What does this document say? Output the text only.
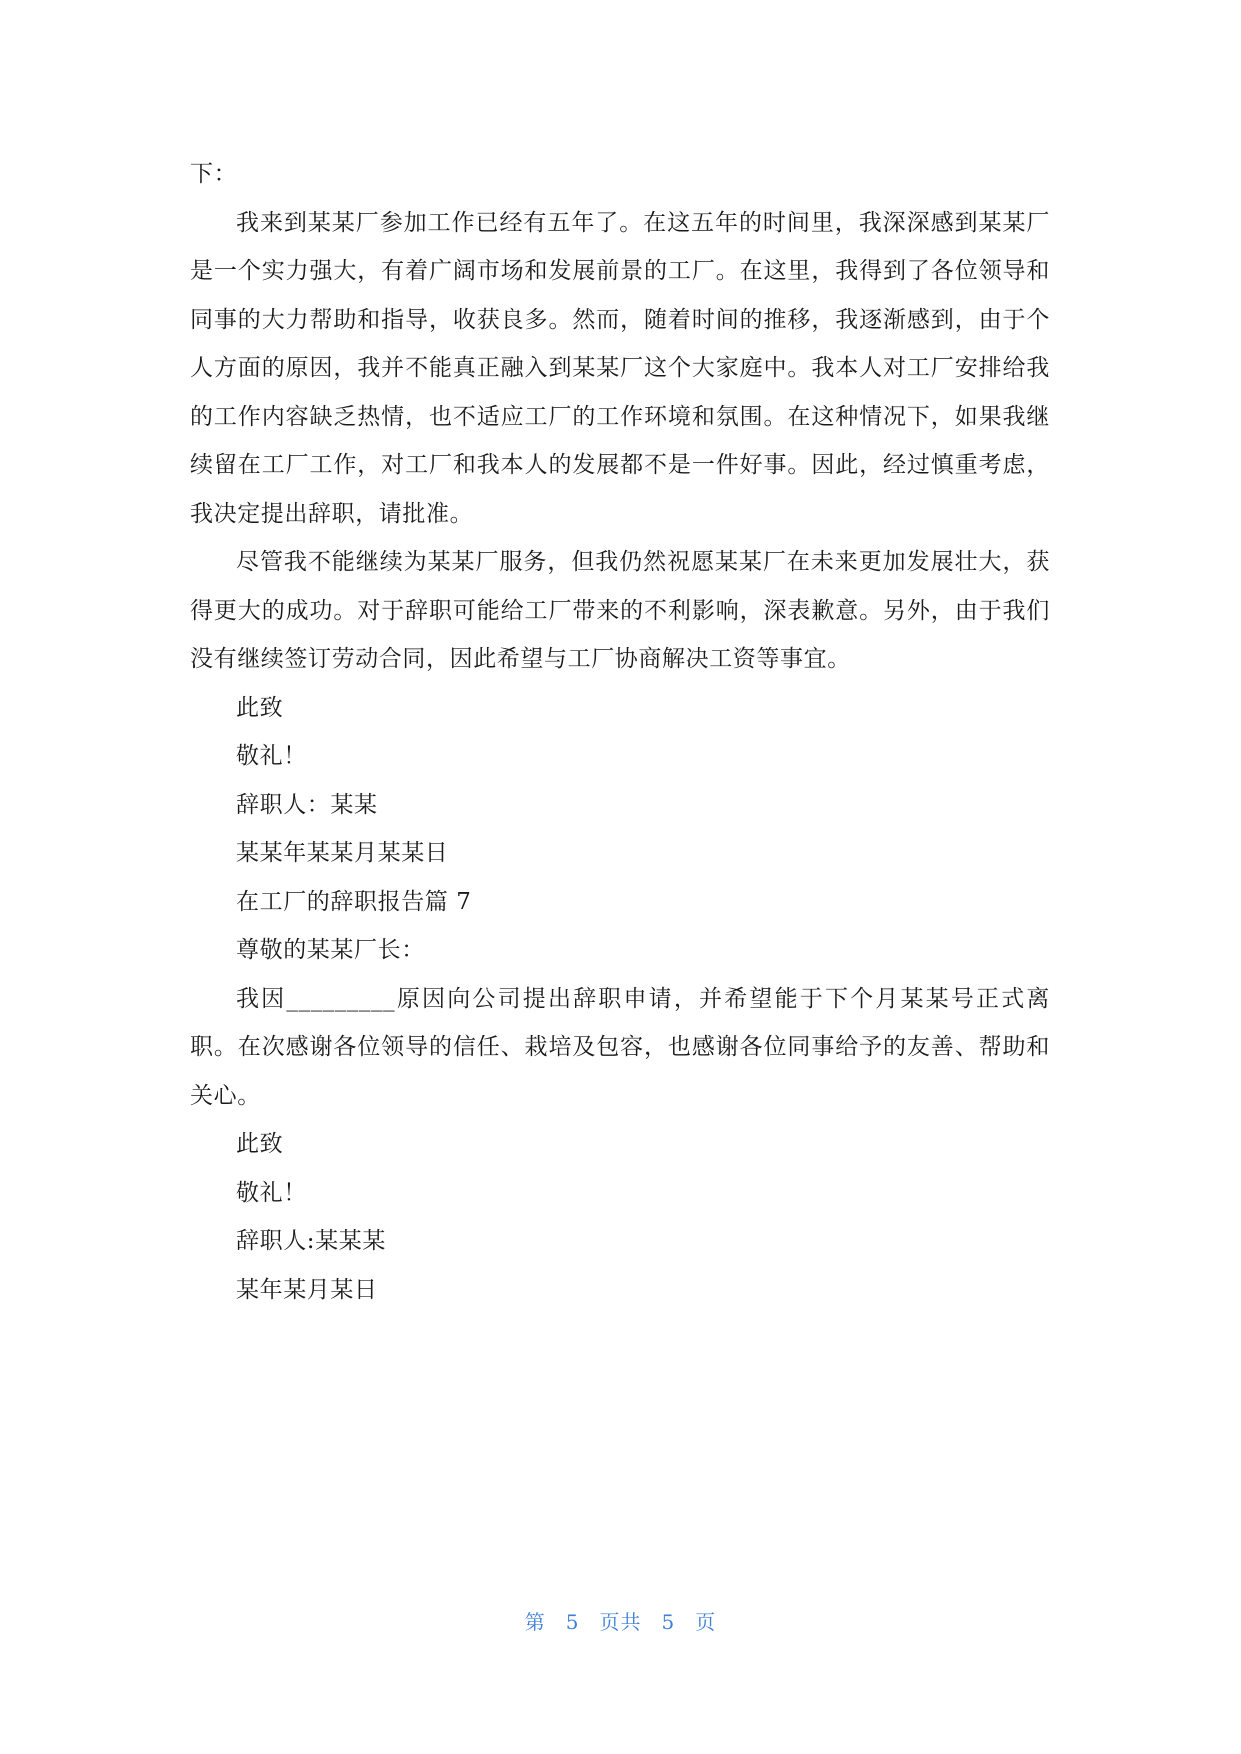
下：

我来到某某厂参加工作已经有五年了。在这五年的时间里，我深深感到某某厂是一个实力强大，有着广阔市场和发展前景的工厂。在这里，我得到了各位领导和同事的大力帮助和指导，收获良多。然而，随着时间的推移，我逐渐感到，由于个人方面的原因，我并不能真正融入到某某厂这个大家庭中。我本人对工厂安排给我的工作内容缺乏热情，也不适应工厂的工作环境和氛围。在这种情况下，如果我继续留在工厂工作，对工厂和我本人的发展都不是一件好事。因此，经过慎重考虑，我决定提出辞职，请批准。

尽管我不能继续为某某厂服务，但我仍然祝愿某某厂在未来更加发展壮大，获得更大的成功。对于辞职可能给工厂带来的不利影响，深表歉意。另外，由于我们没有继续签订劳动合同，因此希望与工厂协商解决工资等事宜。

此致

敬礼！

辞职人：某某

某某年某某月某某日

在工厂的辞职报告篇 7

尊敬的某某厂长：

我因_________原因向公司提出辞职申请，并希望能于下个月某某号正式离职。在次感谢各位领导的信任、栽培及包容，也感谢各位同事给予的友善、帮助和关心。

此致

敬礼！

辞职人:某某某

某年某月某日

第 5 页共 5 页
